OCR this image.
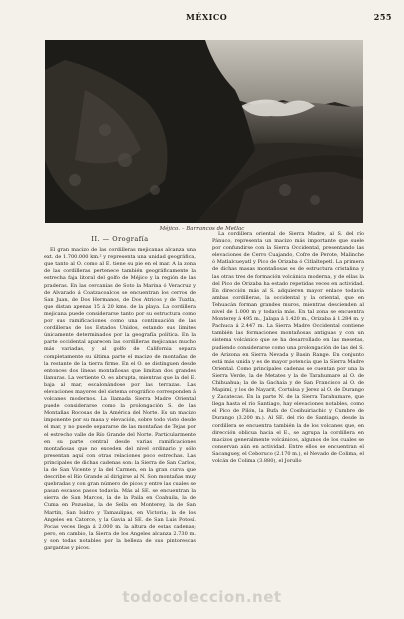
MÉXICO	255
Méjico. – Barrancos de Metlac
II. — Orografía

El gran macizo de las cordilleras mejicanas alcanza una ext. de 1.700.000 km.² y representa una unidad geográfica, que tanto al O. como al E. tiene su pie en el mar. A la zona de las cordilleras pertenece también geográficamente la estrecha faja litoral del golfo de Méjico y la región de las praderas. En las cercanías de Soto la Marina ó Veracruz y de Alvarado á Coatzacoalcos se encuentran los cerros de San Juan, de Dos Hermanos, de Dos Atricos y de Tuxtla, que distan apenas 15 á 20 kms. de la playa. La cordillera mejicana puede considerarse tanto por su estructura como por sus ramificaciones como una continuación de las cordilleras de los Estados Unidos, estando sus límites únicamente determinados por la geografía política. En la parte occidental aparecen las cordilleras mejicanas mucho más variadas, y al golfo de California separa completamente su última parte el macizo de montañas de la restante de la tierra firme. En el O. se distinguen desde entonces dos líneas montañosas que limitan dos grandes llanuras. La vertiente O. es abrupta, mientras que la del E. baja al mar, escalonándose por las terrazas. Las elevaciones mayores del sistema orográfico corresponden á volcanes modernos. La llamada Sierra Madre Oriental puede considerarse como la prolongación S. de las Montañas Rocosas de la América del Norte. Es un macizo imponente por su masa y elevación, sobre todo visto desde el mar, y no puede separarse de las montañas de Tejas por el estrecho valle de Río Grande del Norte. Particularmente en su parte central desde varias ramificaciones montañosas que no exceden del nivel ordinario y sólo presentan aquí con otras relaciones poco estrechas. Las principales de dichas cadenas son: la Sierra de San Carlos, la de San Vicente y la del Carmen, en la gran curva que describe el Río Grande al dirigirse al N. Son montañas muy quebradas y con gran número de picos y entre las cuales se pasan escasos pasos todavía. Más al SE. se encuentran la sierra de San Marcos, la de la Paila en Coahuila, la de Cuma en Pozuelas, la de Sella en Monterey, la de San Martín, San Isidro y Tamaulipas, en Victoria; la de los Angeles en Catorce, y la Gavia al SE. de San Luis Potosí. Pocas veces llega á 2.000 m. la altura de estas cadenas; pero, en cambio, la Sierra de los Angeles alcanza 2.730 m. y son todas notables por la belleza de sus pintorescas gargantas y picos.

La cordillera oriental de Sierra Madre, al S. del río Pánuco, representa un macizo más importante que suele por confundirse con la Sierra Occidental, presentando las elevaciones de Cerro Cuajando, Cofre de Perote, Malinche ó Matlalcueyatl y Pico de Orizaba ó Citlaltepetl. La primera de dichas masas montañosas es de estructura cristalina y las otras tres de formación volcánica moderna, y de ellas la del Pico de Orizaba ha estado repetidas veces en actividad. En dirección más al S. adquieren mayor enlace todavía ambas cordilleras, la occidental y la oriental, que en Tehuacán forman grandes muros, mientras descienden al nivel de 1.000 m y todavía más. En tal zona se encuentra Monterey á 495 m., Jalapa á 1.420 m., Orizaba á 1.284 m. y Pachuca á 2.447 m. La Sierra Madre Occidental contiene también las formaciones montañosas antiguas y con un sistema volcánico que se ha desarrollado en las mesetas, pudiendo considerarse como una prolongación de las del S. de Arizona en Sierra Nevada y Basin Range. En conjunto está más unida y es de mayor potencia que la Sierra Madre Oriental. Como principales cadenas se cuentan por una la Sierra Verde, la de Metates y la de Tarahumare al O. de Chihuahua; la de la Gachaía y de San Francisco al O. de Mapimí, y los de Nayarit, Cortulsa y Jerez al O. de Durango y Zacatecas. En la parte N. de la Sierra Tarahumare, que llega hasta el río Santiago, hay elevaciones notables, como el Pico de Pilón, la Bufa de Cosihuiriachic y Cumbre de Durango (3.200 m.). Al SE. del río de Santiago, desde la cordillera se encuentra también la de los volcanes que, en dirección oblicua hacia el E., se agrupa la cordillera en macizos generalmente volcánicos, algunos de los cuales se conservan aún en actividad. Entre ellos se encuentran el Sacanguey, el Ceboruco (2.170 m.), el Nevado de Colima, el volcán de Colima (3.880), el Jorullo

todocoleccion.net
